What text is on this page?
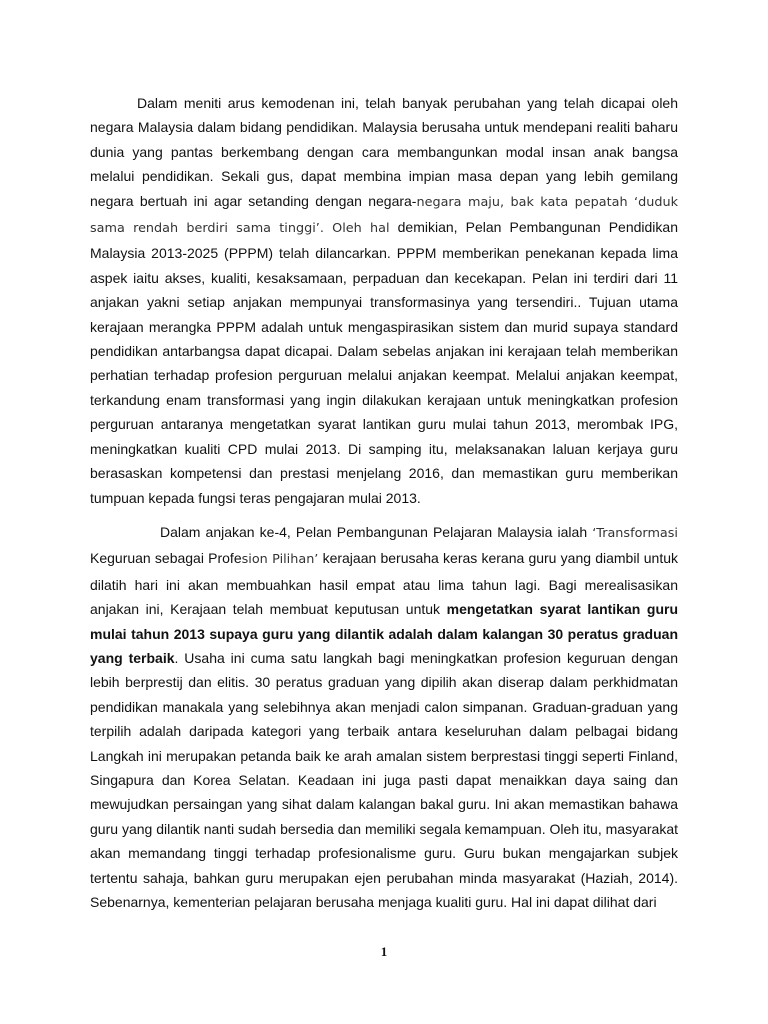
Dalam meniti arus kemodenan ini, telah banyak perubahan yang telah dicapai oleh negara Malaysia dalam bidang pendidikan. Malaysia berusaha untuk mendepani realiti baharu dunia yang pantas berkembang dengan cara membangunkan modal insan anak bangsa melalui pendidikan. Sekali gus, dapat membina impian masa depan yang lebih gemilang negara bertuah ini agar setanding dengan negara-negara maju, bak kata pepatah ‘duduk sama rendah berdiri sama tinggi’. Oleh hal demikian, Pelan Pembangunan Pendidikan Malaysia 2013-2025 (PPPM) telah dilancarkan. PPPM memberikan penekanan kepada lima aspek iaitu akses, kualiti, kesaksamaan, perpaduan dan kecekapan. Pelan ini terdiri dari 11 anjakan yakni setiap anjakan mempunyai transformasinya yang tersendiri.. Tujuan utama kerajaan merangka PPPM adalah untuk mengaspirasikan sistem dan murid supaya standard pendidikan antarbangsa dapat dicapai. Dalam sebelas anjakan ini kerajaan telah memberikan perhatian terhadap profesion perguruan melalui anjakan keempat. Melalui anjakan keempat, terkandung enam transformasi yang ingin dilakukan kerajaan untuk meningkatkan profesion perguruan antaranya mengetatkan syarat lantikan guru mulai tahun 2013, merombak IPG, meningkatkan kualiti CPD mulai 2013. Di samping itu, melaksanakan laluan kerjaya guru berasaskan kompetensi dan prestasi menjelang 2016, dan memastikan guru memberikan tumpuan kepada fungsi teras pengajaran mulai 2013.

Dalam anjakan ke-4, Pelan Pembangunan Pelajaran Malaysia ialah ‘Transformasi Keguruan sebagai Profesion Pilihan’ kerajaan berusaha keras kerana guru yang diambil untuk dilatih hari ini akan membuahkan hasil empat atau lima tahun lagi. Bagi merealisasikan anjakan ini, Kerajaan telah membuat keputusan untuk mengetatkan syarat lantikan guru mulai tahun 2013 supaya guru yang dilantik adalah dalam kalangan 30 peratus graduan yang terbaik. Usaha ini cuma satu langkah bagi meningkatkan profesion keguruan dengan lebih berprestij dan elitis. 30 peratus graduan yang dipilih akan diserap dalam perkhidmatan pendidikan manakala yang selebihnya akan menjadi calon simpanan. Graduan-graduan yang terpilih adalah daripada kategori yang terbaik antara keseluruhan dalam pelbagai bidang Langkah ini merupakan petanda baik ke arah amalan sistem berprestasi tinggi seperti Finland, Singapura dan Korea Selatan. Keadaan ini juga pasti dapat menaikkan daya saing dan mewujudkan persaingan yang sihat dalam kalangan bakal guru. Ini akan memastikan bahawa guru yang dilantik nanti sudah bersedia dan memiliki segala kemampuan. Oleh itu, masyarakat akan memandang tinggi terhadap profesionalisme guru. Guru bukan mengajarkan subjek tertentu sahaja, bahkan guru merupakan ejen perubahan minda masyarakat (Haziah, 2014). Sebenarnya, kementerian pelajaran berusaha menjaga kualiti guru. Hal ini dapat dilihat dari

1
